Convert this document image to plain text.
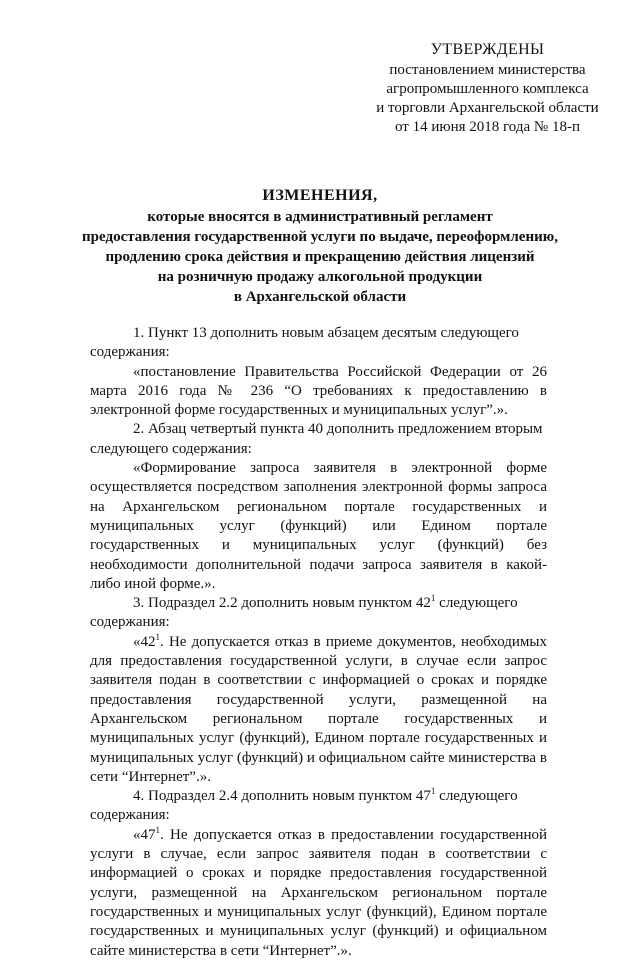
УТВЕРЖДЕНЫ
постановлением министерства
агропромышленного комплекса
и торговли Архангельской области
от 14 июня 2018 года № 18-п
ИЗМЕНЕНИЯ,
которые вносятся в административный регламент
предоставления государственной услуги по выдаче, переоформлению,
продлению срока действия и прекращению действия лицензий
на розничную продажу алкогольной продукции
в Архангельской области

1. Пункт 13 дополнить новым абзацем десятым следующего

содержания:

«постановление Правительства Российской Федерации от 26 марта 2016 года № 236 “О требованиях к предоставлению в электронной форме государственных и муниципальных услуг”.».

2. Абзац четвертый пункта 40 дополнить предложением вторым

следующего содержания:

«Формирование запроса заявителя в электронной форме осуществляется посредством заполнения электронной формы запроса на Архангельском региональном портале государственных и муниципальных услуг (функций) или Едином портале государственных и муниципальных услуг (функций) без необходимости дополнительной подачи запроса заявителя в какой-либо иной форме.».

3. Подраздел 2.2 дополнить новым пунктом $42^1$ следующего

содержания:

«$42^1$. Не допускается отказ в приеме документов, необходимых для предоставления государственной услуги, в случае если запрос заявителя подан в соответствии с информацией о сроках и порядке предоставления государственной услуги, размещенной на Архангельском региональном портале государственных и муниципальных услуг (функций), Едином портале государственных и муниципальных услуг (функций) и официальном сайте министерства в сети “Интернет”.».

4. Подраздел 2.4 дополнить новым пунктом $47^1$ следующего

содержания:

«$47^1$. Не допускается отказ в предоставлении государственной услуги в случае, если запрос заявителя подан в соответствии с информацией о сроках и порядке предоставления государственной услуги, размещенной на Архангельском региональном портале государственных и муниципальных услуг (функций), Едином портале государственных и муниципальных услуг (функций) и официальном сайте министерства в сети “Интернет”.».
